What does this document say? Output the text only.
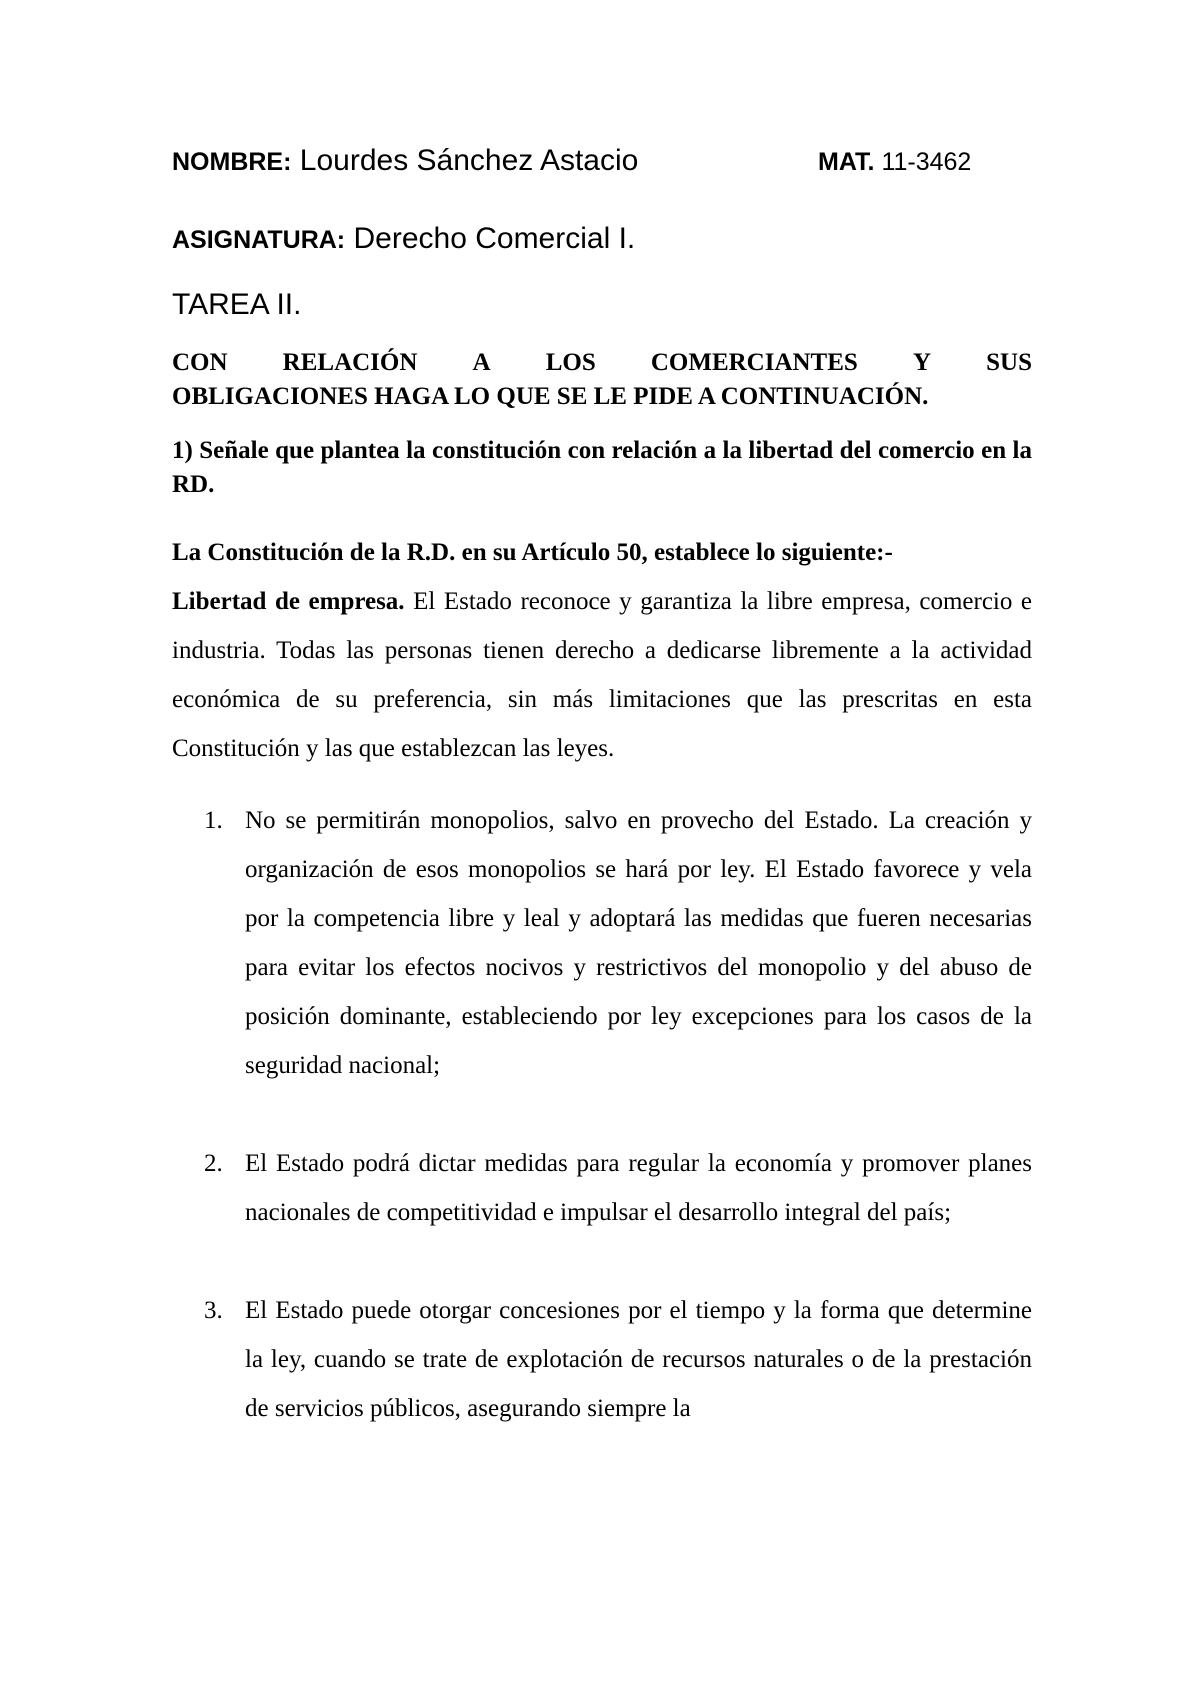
NOMBRE: Lourdes Sánchez Astacio	MAT. 11-3462
ASIGNATURA: Derecho Comercial I.
TAREA II.
CON RELACIÓN A LOS COMERCIANTES Y SUS
OBLIGACIONES HAGA LO QUE SE LE PIDE A CONTINUACIÓN.
1) Señale que plantea la constitución con relación a la libertad del comercio en la RD.
La Constitución de la R.D. en su Artículo 50, establece lo siguiente:-
Libertad de empresa. El Estado reconoce y garantiza la libre empresa, comercio e industria. Todas las personas tienen derecho a dedicarse libremente a la actividad económica de su preferencia, sin más limitaciones que las prescritas en esta Constitución y las que establezcan las leyes.
1. No se permitirán monopolios, salvo en provecho del Estado. La creación y organización de esos monopolios se hará por ley. El Estado favorece y vela por la competencia libre y leal y adoptará las medidas que fueren necesarias para evitar los efectos nocivos y restrictivos del monopolio y del abuso de posición dominante, estableciendo por ley excepciones para los casos de la seguridad nacional;
2. El Estado podrá dictar medidas para regular la economía y promover planes nacionales de competitividad e impulsar el desarrollo integral del país;
3. El Estado puede otorgar concesiones por el tiempo y la forma que determine la ley, cuando se trate de explotación de recursos naturales o de la prestación de servicios públicos, asegurando siempre la
